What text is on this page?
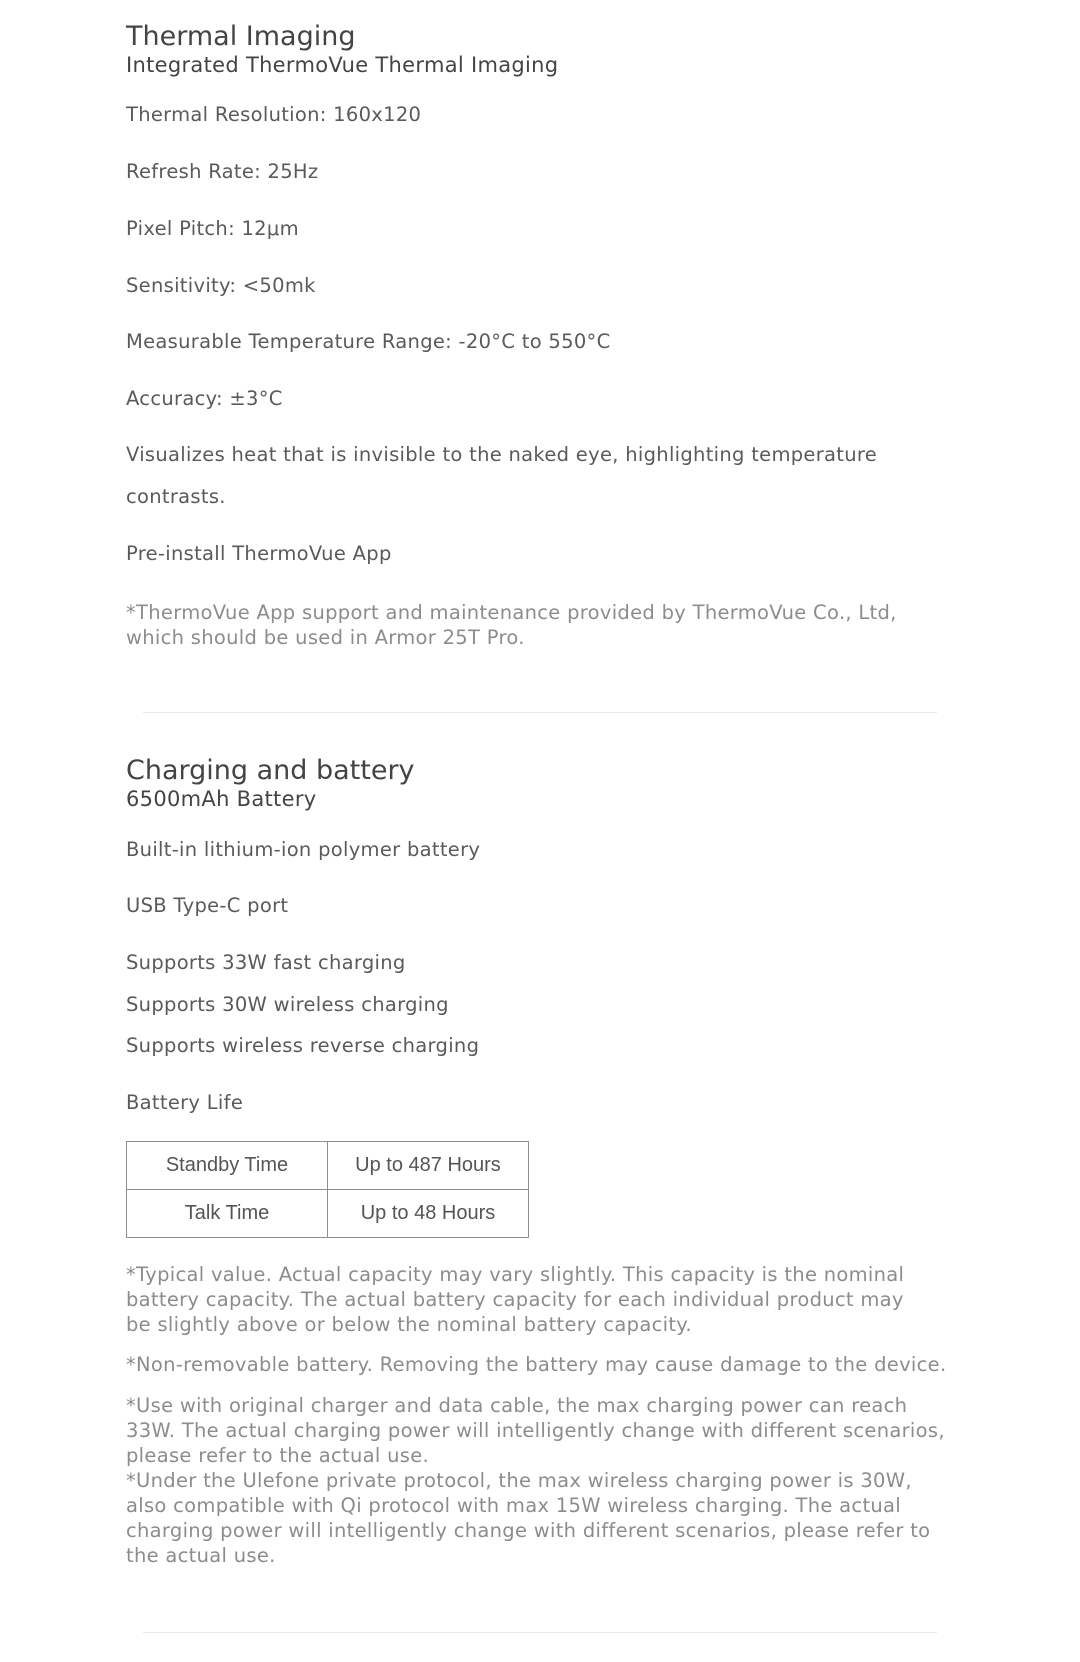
Thermal Imaging
Integrated ThermoVue Thermal Imaging

Thermal Resolution: 160x120

Refresh Rate: 25Hz

Pixel Pitch: 12μm

Sensitivity: <50mk

Measurable Temperature Range: -20°C to 550°C

Accuracy: ±3°C

Visualizes heat that is invisible to the naked eye, highlighting temperature contrasts.

Pre-install ThermoVue App

*ThermoVue App support and maintenance provided by ThermoVue Co., Ltd, which should be used in Armor 25T Pro.

Charging and battery
6500mAh Battery

Built-in lithium-ion polymer battery

USB Type-C port

Supports 33W fast charging

Supports 30W wireless charging

Supports wireless reverse charging

Battery Life

Standby Time	Up to 487 Hours
Talk Time	Up to 48 Hours

*Typical value. Actual capacity may vary slightly. This capacity is the nominal battery capacity. The actual battery capacity for each individual product may be slightly above or below the nominal battery capacity.

*Non-removable battery. Removing the battery may cause damage to the device.

*Use with original charger and data cable, the max charging power can reach 33W. The actual charging power will intelligently change with different scenarios, please refer to the actual use.

*Under the Ulefone private protocol, the max wireless charging power is 30W, also compatible with Qi protocol with max 15W wireless charging. The actual charging power will intelligently change with different scenarios, please refer to the actual use.
